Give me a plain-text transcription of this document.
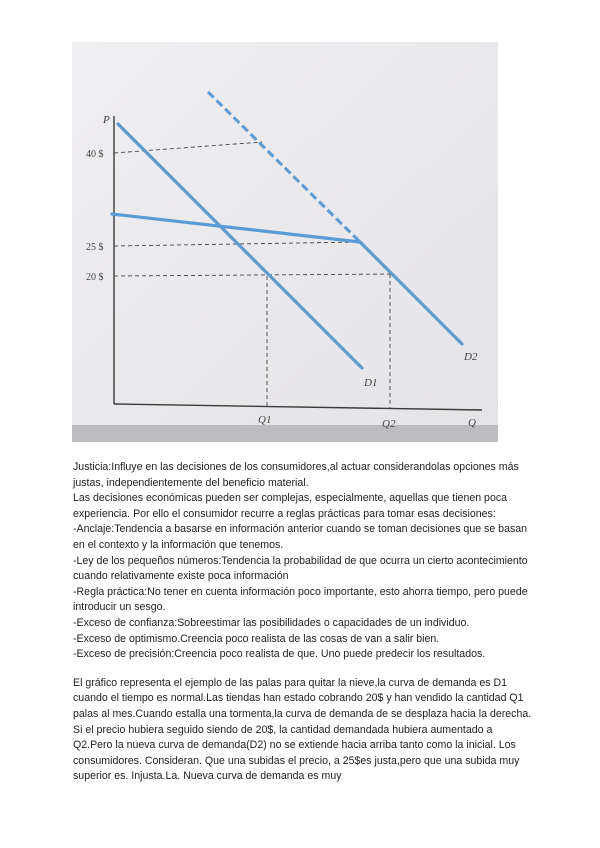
P
40 $
25 $
20 $
Q1	Q2	Q
D1
D2

Justicia:Influye en las decisiones de los consumidores,al actuar considerandolas opciones más justas, independientemente del beneficio material.

Las decisiones económicas pueden ser complejas, especialmente, aquellas que tienen poca experiencia. Por ello el consumidor recurre a reglas prácticas para tomar esas decisiones:

-Anclaje:Tendencia a basarse en información anterior cuando se toman decisiones que se basan en el contexto y la información que tenemos.

-Ley de los pequeños números:Tendencia la probabilidad de que ocurra un cierto acontecimiento cuando relativamente existe poca información

-Regla práctica:No tener en cuenta información poco importante, esto ahorra tiempo, pero puede introducir un sesgo.

-Exceso de confianza:Sobreestimar las posibilidades o capacidades de un individuo.

-Exceso de optimismo.Creencia poco realista de las cosas de van a salir bien.

-Exceso de precisión:Creencia poco realista de que. Uno puede predecir los resultados.

El gráfico representa el ejemplo de las palas para quitar la nieve,la curva de demanda es D1 cuando el tiempo es normal.Las tiendas han estado cobrando 20$ y han vendido la cantidad Q1 palas al mes.Cuando estalla una tormenta,la curva de demanda de se desplaza hacia la derecha. Si el precio hubiera seguido siendo de 20$, la cantidad demandada hubiera aumentado a Q2.Pero la nueva curva de demanda(D2) no se extiende hacia arriba tanto como la inicial. Los consumidores. Consideran. Que una subidas el precio, a 25$es justa,pero que una subida muy superior es. Injusta.La. Nueva curva de demanda es muy
